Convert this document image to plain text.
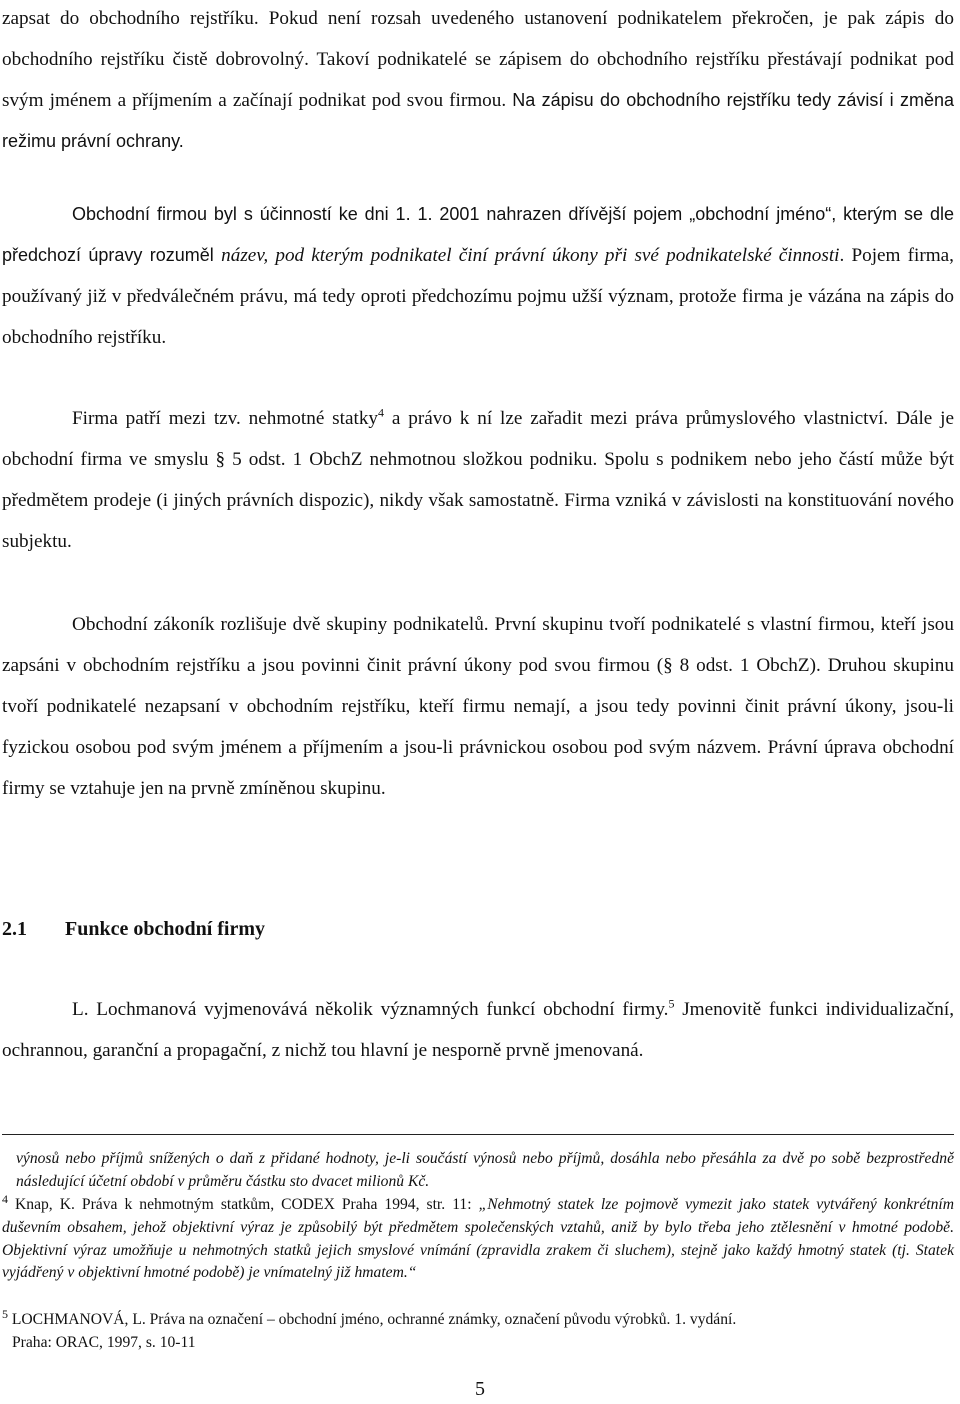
zapsat do obchodního rejstříku. Pokud není rozsah uvedeného ustanovení podnikatelem překročen, je pak zápis do obchodního rejstříku čistě dobrovolný. Takoví podnikatelé se zápisem do obchodního rejstříku přestávají podnikat pod svým jménem a příjmením a začínají podnikat pod svou firmou. Na zápisu do obchodního rejstříku tedy závisí i změna režimu právní ochrany.

Obchodní firmou byl s účinností ke dni 1. 1. 2001 nahrazen dřívější pojem „obchodní jméno“, kterým se dle předchozí úpravy rozuměl název, pod kterým podnikatel činí právní úkony při své podnikatelské činnosti. Pojem firma, používaný již v předválečném právu, má tedy oproti předchozímu pojmu užší význam, protože firma je vázána na zápis do obchodního rejstříku.

Firma patří mezi tzv. nehmotné statky$^4$ a právo k ní lze zařadit mezi práva průmyslového vlastnictví. Dále je obchodní firma ve smyslu § 5 odst. 1 ObchZ nehmotnou složkou podniku. Spolu s podnikem nebo jeho částí může být předmětem prodeje (i jiných právních dispozic), nikdy však samostatně. Firma vzniká v závislosti na konstituování nového subjektu.

Obchodní zákoník rozlišuje dvě skupiny podnikatelů. První skupinu tvoří podnikatelé s vlastní firmou, kteří jsou zapsáni v obchodním rejstříku a jsou povinni činit právní úkony pod svou firmou (§ 8 odst. 1 ObchZ). Druhou skupinu tvoří podnikatelé nezapsaní v obchodním rejstříku, kteří firmu nemají, a jsou tedy povinni činit právní úkony, jsou-li fyzickou osobou pod svým jménem a příjmením a jsou-li právnickou osobou pod svým názvem. Právní úprava obchodní firmy se vztahuje jen na prvně zmíněnou skupinu.

2.1 Funkce obchodní firmy

L. Lochmanová vyjmenovává několik významných funkcí obchodní firmy.$^5$ Jmenovitě funkci individualizační, ochrannou, garanční a propagační, z nichž tou hlavní je nesporně prvně jmenovaná.

výnosů nebo příjmů snížených o daň z přidané hodnoty, je-li součástí výnosů nebo příjmů, dosáhla nebo přesáhla za dvě po sobě bezprostředně následující účetní období v průměru částku sto dvacet milionů Kč.

$^4$ Knap, K. Práva k nehmotným statkům, CODEX Praha 1994, str. 11: „Nehmotný statek lze pojmově vymezit jako statek vytvářený konkrétním duševním obsahem, jehož objektivní výraz je způsobilý být předmětem společenských vztahů, aniž by bylo třeba jeho ztělesnění v hmotné podobě. Objektivní výraz umožňuje u nehmotných statků jejich smyslové vnímání (zpravidla zrakem či sluchem), stejně jako každý hmotný statek (tj. Statek vyjádřený v objektivní hmotné podobě) je vnímatelný již hmatem.“

$^5$ LOCHMANOVÁ, L. Práva na označení – obchodní jméno, ochranné známky, označení původu výrobků. 1. vydání.
Praha: ORAC, 1997, s. 10-11

5
